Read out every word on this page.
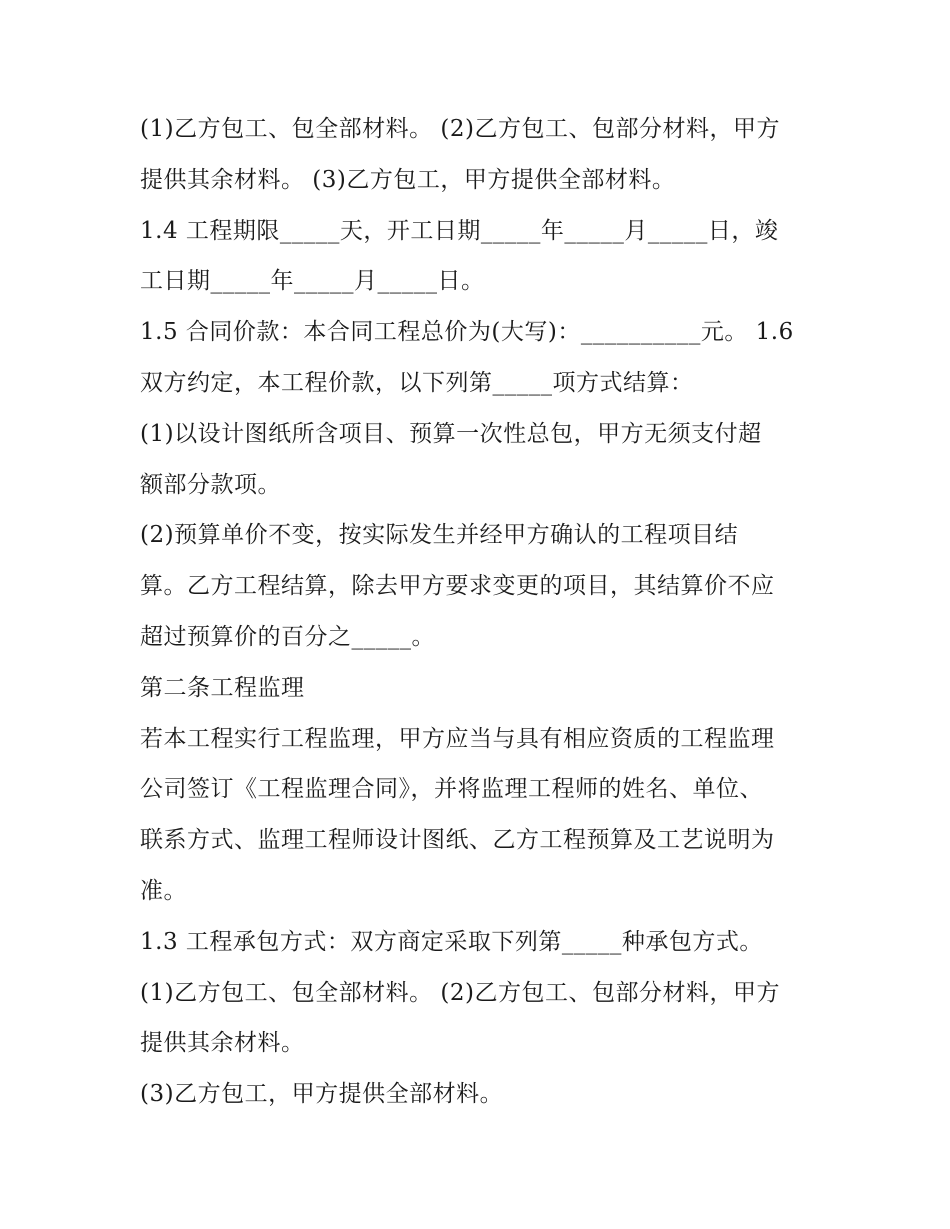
(1)乙方包工、包全部材料。 (2)乙方包工、包部分材料，甲方
提供其余材料。 (3)乙方包工，甲方提供全部材料。
1.4 工程期限_____天，开工日期_____年_____月_____日，竣
工日期_____年_____月_____日。
1.5 合同价款：本合同工程总价为(大写)：__________元。 1.6
双方约定，本工程价款，以下列第_____项方式结算：
(1)以设计图纸所含项目、预算一次性总包，甲方无须支付超
额部分款项。
(2)预算单价不变，按实际发生并经甲方确认的工程项目结
算。乙方工程结算，除去甲方要求变更的项目，其结算价不应
超过预算价的百分之_____。
第二条工程监理
若本工程实行工程监理，甲方应当与具有相应资质的工程监理
公司签订《工程监理合同》，并将监理工程师的姓名、单位、
联系方式、监理工程师设计图纸、乙方工程预算及工艺说明为
准。
1.3 工程承包方式：双方商定采取下列第_____种承包方式。
(1)乙方包工、包全部材料。 (2)乙方包工、包部分材料，甲方
提供其余材料。
(3)乙方包工，甲方提供全部材料。
